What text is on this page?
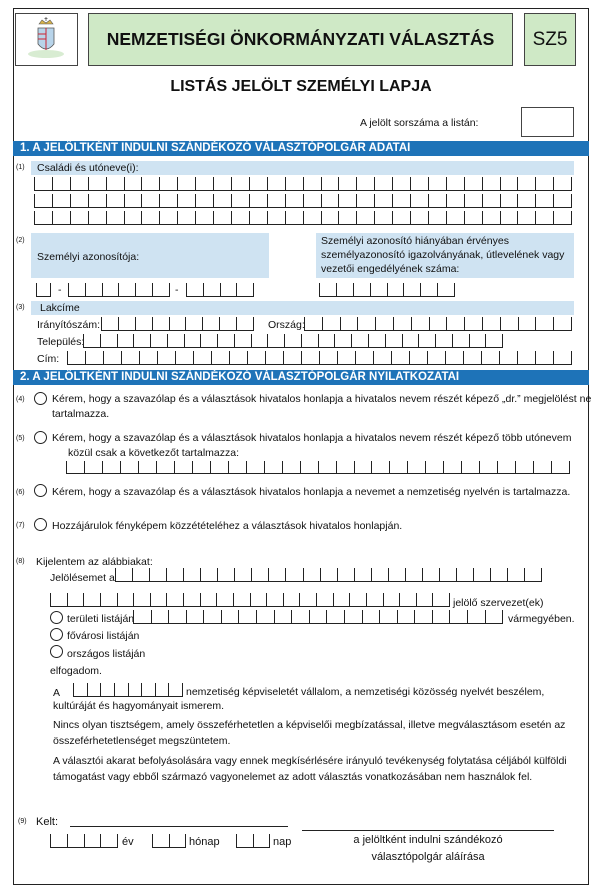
NEMZETISÉGI ÖNKORMÁNYZATI VÁLASZTÁS	SZ5
LISTÁS JELÖLT SZEMÉLYI LAPJA
A jelölt sorszáma a listán:
1. A JELÖLTKÉNT INDULNI SZÁNDÉKOZÓ VÁLASZTÓPOLGÁR ADATAI
(1) Családi és utóneve(i):
(2)
Személyi azonosítója:
Személyi azonosító hiányában érvényes személyazonosító igazolványának, útlevelének vagy vezetői engedélyének száma:
-	-
(3) Lakcíme
Irányítószám:	Ország:
Település:
Cím:
2. A JELÖLTKÉNT INDULNI SZÁNDÉKOZÓ VÁLASZTÓPOLGÁR NYILATKOZATAI
(4)	Kérem, hogy a szavazólap és a választások hivatalos honlapja a hivatalos nevem részét képező „dr.” megjelölést ne
tartalmazza.
(5)	Kérem, hogy a szavazólap és a választások hivatalos honlapja a hivatalos nevem részét képező több utónevem
közül csak a következőt tartalmazza:
(6)	Kérem, hogy a szavazólap és a választások hivatalos honlapja a nevemet a nemzetiség nyelvén is tartalmazza.
(7)	Hozzájárulok fényképem közzétételéhez a választások hivatalos honlapján.
(8) Kijelentem az alábbiakat:
Jelölésemet a
jelölő szervezet(ek)
területi listáján	vármegyében.
fővárosi listáján
országos listáján
elfogadom.
A	nemzetiség képviseletét vállalom, a nemzetiségi közösség nyelvét beszélem,
kultúráját és hagyományait ismerem.
Nincs olyan tisztségem, amely összeférhetetlen a képviselői megbízatással, illetve megválasztásom esetén az
összeférhetetlenséget megszüntetem.
A választói akarat befolyásolására vagy ennek megkísérlésére irányuló tevékenység folytatása céljából külföldi
támogatást vagy ebből származó vagyonelemet az adott választás vonatkozásában nem használok fel.
(9) Kelt:
év	hónap	nap	a jelöltként indulni szándékozó
választópolgár aláírása
